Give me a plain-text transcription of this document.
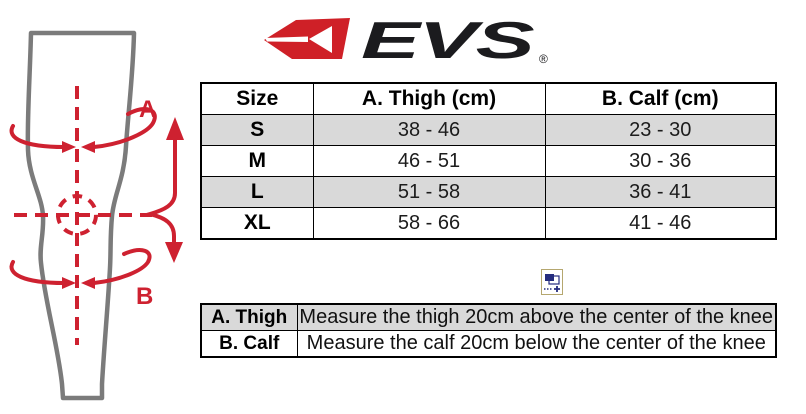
A
B
EVS ®
Size	A. Thigh (cm)	B. Calf (cm)
S	38 - 46	23 - 30
M	46 - 51	30 - 36
L	51 - 58	36 - 41
XL	58 - 66	41 - 46
A. Thigh	Measure the thigh 20cm above the center of the knee
B. Calf	Measure the calf 20cm below the center of the knee
